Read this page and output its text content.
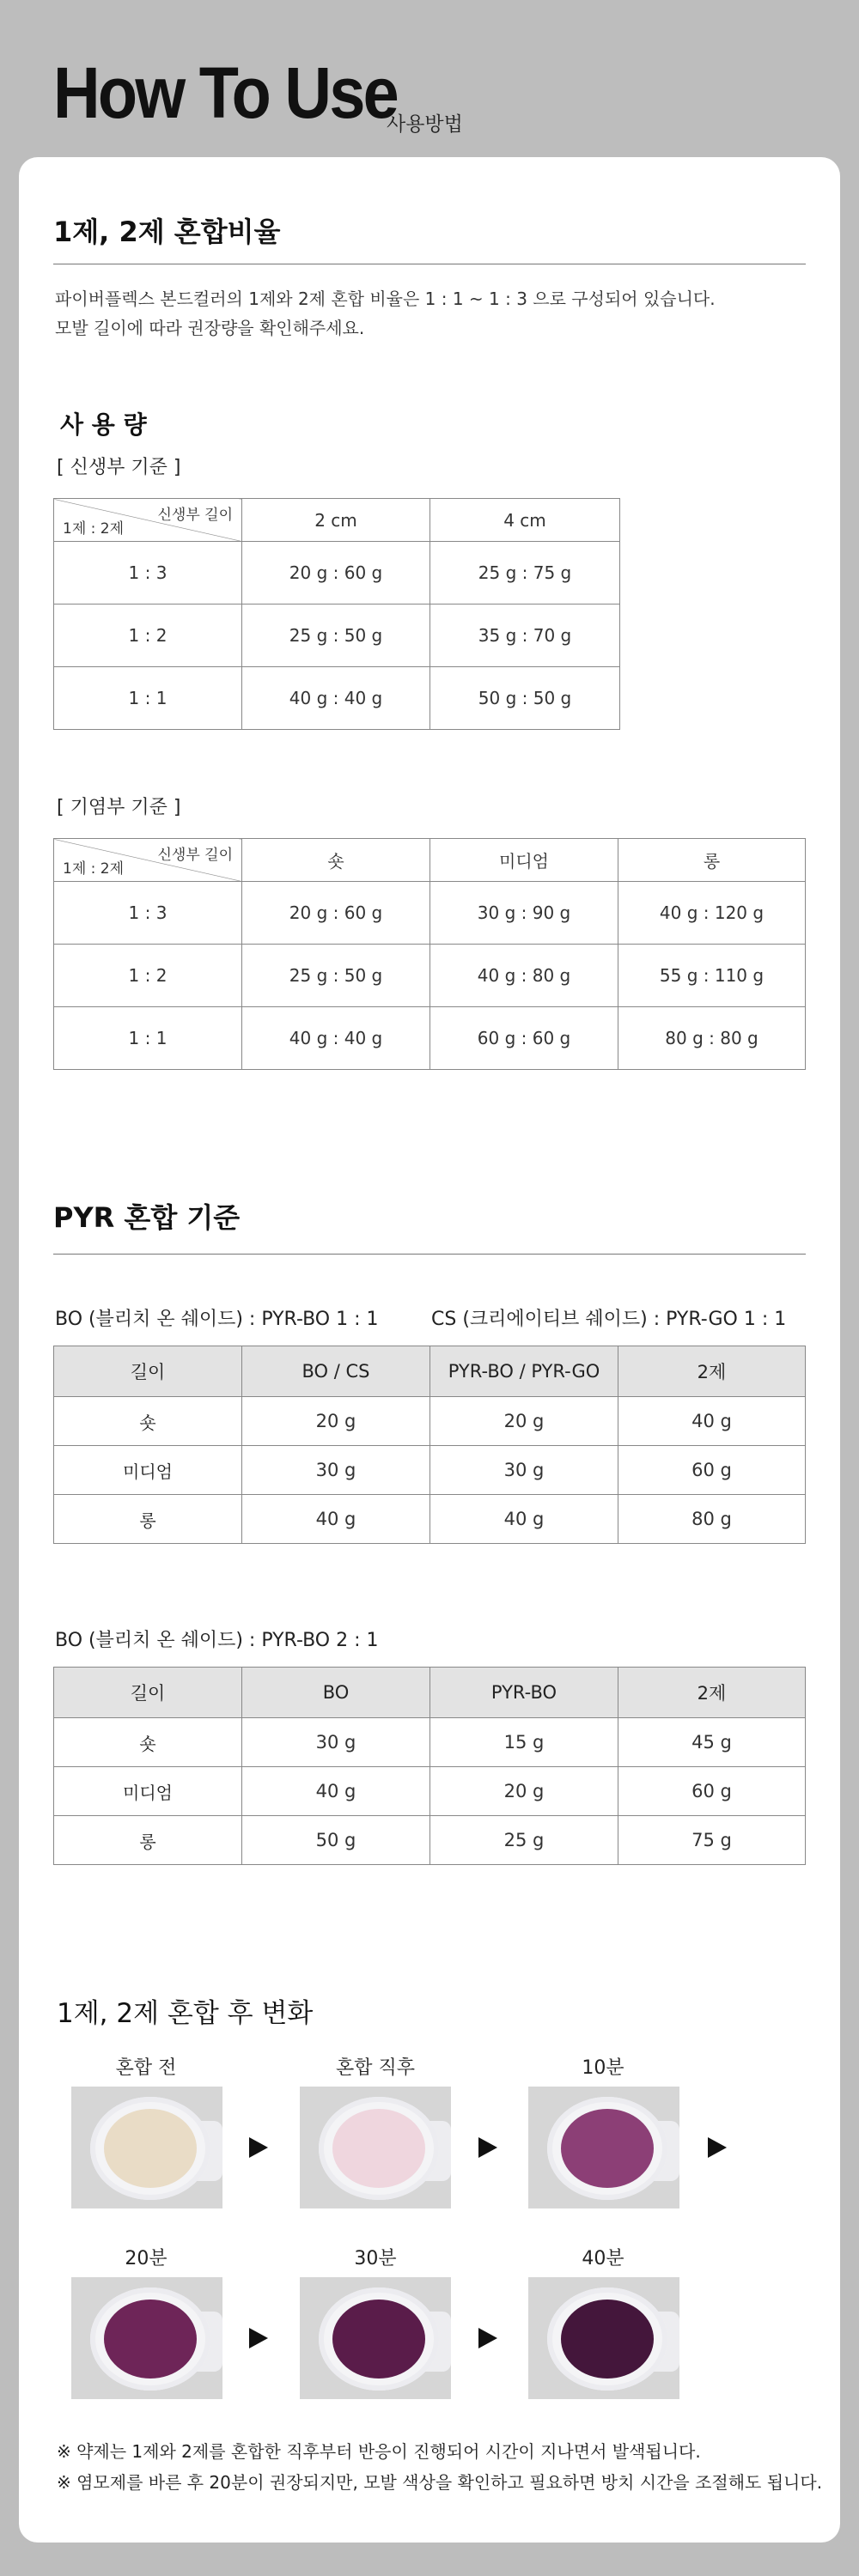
How To Use
사용방법
1제, 2제 혼합비율
파이버플렉스 본드컬러의 1제와 2제 혼합 비율은 1 : 1 ~ 1 : 3 으로 구성되어 있습니다.
모발 길이에 따라 권장량을 확인해주세요.
사 용 량
[ 신생부 기준 ]
신생부 길이
1제 : 2제	2 cm	4 cm
1 : 3	20 g : 60 g	25 g : 75 g
1 : 2	25 g : 50 g	35 g : 70 g
1 : 1	40 g : 40 g	50 g : 50 g
[ 기염부 기준 ]
신생부 길이
1제 : 2제	숏	미디엄	롱
1 : 3	20 g : 60 g	30 g : 90 g	40 g : 120 g
1 : 2	25 g : 50 g	40 g : 80 g	55 g : 110 g
1 : 1	40 g : 40 g	60 g : 60 g	80 g : 80 g
PYR 혼합 기준
BO (블리치 온 쉐이드) : PYR-BO 1 : 1	CS (크리에이티브 쉐이드) : PYR-GO 1 : 1
길이	BO / CS	PYR-BO / PYR-GO	2제
숏	20 g	20 g	40 g
미디엄	30 g	30 g	60 g
롱	40 g	40 g	80 g
BO (블리치 온 쉐이드) : PYR-BO 2 : 1
길이	BO	PYR-BO	2제
숏	30 g	15 g	45 g
미디엄	40 g	20 g	60 g
롱	50 g	25 g	75 g
1제, 2제 혼합 후 변화
혼합 전	혼합 직후	10분
20분	30분	40분
※ 약제는 1제와 2제를 혼합한 직후부터 반응이 진행되어 시간이 지나면서 발색됩니다.
※ 염모제를 바른 후 20분이 권장되지만, 모발 색상을 확인하고 필요하면 방치 시간을 조절해도 됩니다.
